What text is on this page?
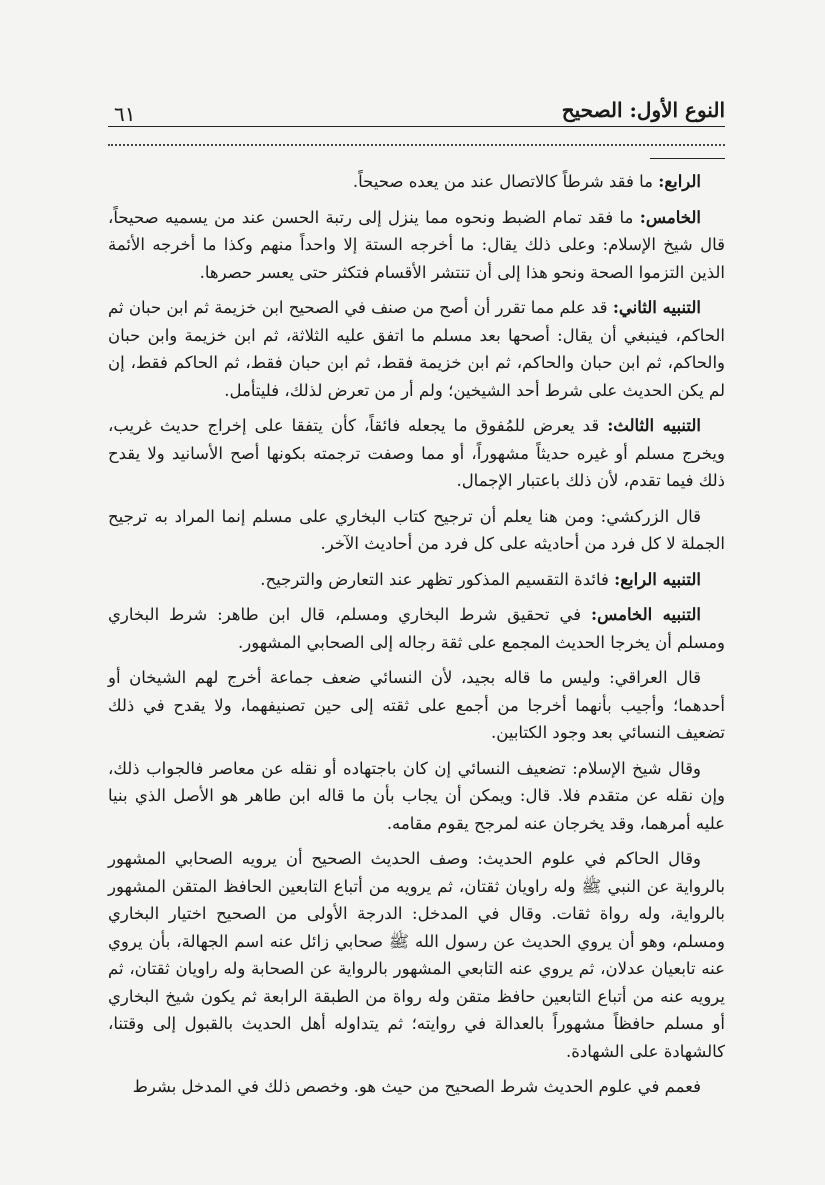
٦١	النوع الأول: الصحيح

الرابع: ما فقد شرطاً كالاتصال عند من يعده صحيحاً.

الخامس: ما فقد تمام الضبط ونحوه مما ينزل إلى رتبة الحسن عند من يسميه صحيحاً، قال شيخ الإسلام: وعلى ذلك يقال: ما أخرجه الستة إلا واحداً منهم وكذا ما أخرجه الأئمة الذين التزموا الصحة ونحو هذا إلى أن تنتشر الأقسام فتكثر حتى يعسر حصرها.

التنبيه الثاني: قد علم مما تقرر أن أصح من صنف في الصحيح ابن خزيمة ثم ابن حبان ثم الحاكم، فينبغي أن يقال: أصحها بعد مسلم ما اتفق عليه الثلاثة، ثم ابن خزيمة وابن حبان والحاكم، ثم ابن حبان والحاكم، ثم ابن خزيمة فقط، ثم ابن حبان فقط، ثم الحاكم فقط، إن لم يكن الحديث على شرط أحد الشيخين؛ ولم أر من تعرض لذلك، فليتأمل.

التنبيه الثالث: قد يعرض للمُفوق ما يجعله فائقاً، كأن يتفقا على إخراج حديث غريب، ويخرج مسلم أو غيره حديثاً مشهوراً، أو مما وصفت ترجمته بكونها أصح الأسانيد ولا يقدح ذلك فيما تقدم، لأن ذلك باعتبار الإجمال.

قال الزركشي: ومن هنا يعلم أن ترجيح كتاب البخاري على مسلم إنما المراد به ترجيح الجملة لا كل فرد من أحاديثه على كل فرد من أحاديث الآخر.

التنبيه الرابع: فائدة التقسيم المذكور تظهر عند التعارض والترجيح.

التنبيه الخامس: في تحقيق شرط البخاري ومسلم، قال ابن طاهر: شرط البخاري ومسلم أن يخرجا الحديث المجمع على ثقة رجاله إلى الصحابي المشهور.

قال العراقي: وليس ما قاله بجيد، لأن النسائي ضعف جماعة أخرج لهم الشيخان أو أحدهما؛ وأجيب بأنهما أخرجا من أجمع على ثقته إلى حين تصنيفهما، ولا يقدح في ذلك تضعيف النسائي بعد وجود الكتابين.

وقال شيخ الإسلام: تضعيف النسائي إن كان باجتهاده أو نقله عن معاصر فالجواب ذلك، وإن نقله عن متقدم فلا. قال: ويمكن أن يجاب بأن ما قاله ابن طاهر هو الأصل الذي بنيا عليه أمرهما، وقد يخرجان عنه لمرجح يقوم مقامه.

وقال الحاكم في علوم الحديث: وصف الحديث الصحيح أن يرويه الصحابي المشهور بالرواية عن النبي ﷺ وله راويان ثقتان، ثم يرويه من أتباع التابعين الحافظ المتقن المشهور بالرواية، وله رواة ثقات. وقال في المدخل: الدرجة الأولى من الصحيح اختيار البخاري ومسلم، وهو أن يروي الحديث عن رسول الله ﷺ صحابي زائل عنه اسم الجهالة، بأن يروي عنه تابعيان عدلان، ثم يروي عنه التابعي المشهور بالرواية عن الصحابة وله راويان ثقتان، ثم يرويه عنه من أتباع التابعين حافظ متقن وله رواة من الطبقة الرابعة ثم يكون شيخ البخاري أو مسلم حافظاً مشهوراً بالعدالة في روايته؛ ثم يتداوله أهل الحديث بالقبول إلى وقتنا، كالشهادة على الشهادة.

فعمم في علوم الحديث شرط الصحيح من حيث هو. وخصص ذلك في المدخل بشرط
